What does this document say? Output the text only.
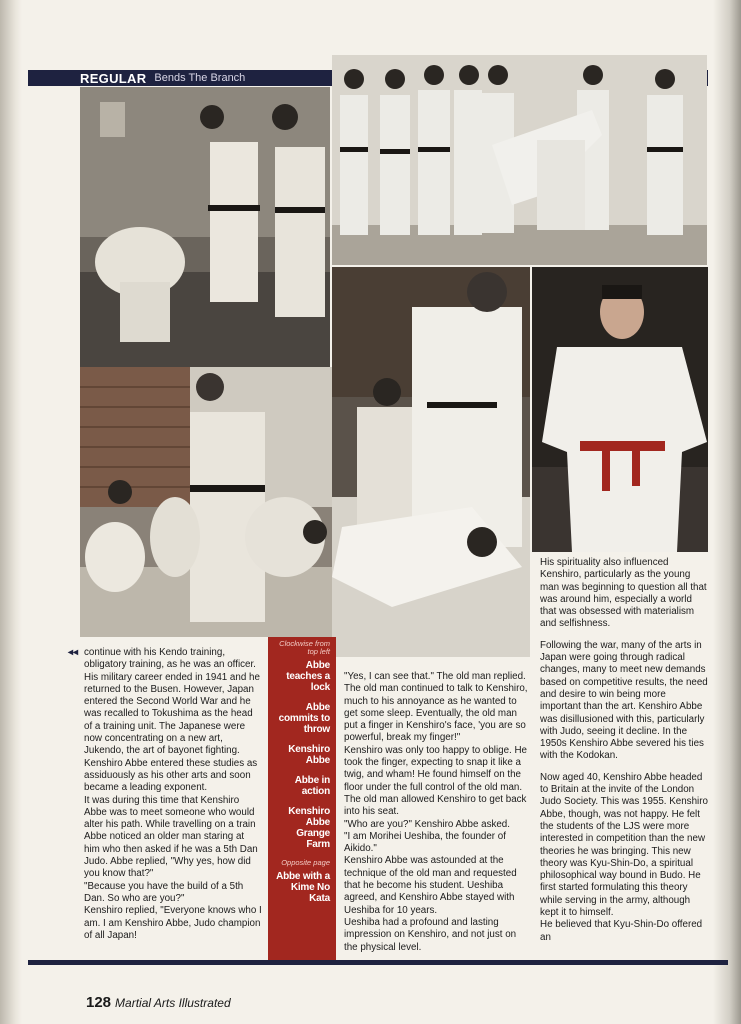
REGULAR Bends The Branch
◂◂ continue with his Kendo training, obligatory training, as he was an officer.

His military career ended in 1941 and he returned to the Busen. However, Japan entered the Second World War and he was recalled to Tokushima as the head of a training unit. The Japanese were now concentrating on a new art, Jukendo, the art of bayonet fighting. Kenshiro Abbe entered these studies as assiduously as his other arts and soon became a leading exponent.

It was during this time that Kenshiro Abbe was to meet someone who would alter his path. While travelling on a train Abbe noticed an older man staring at him who then asked if he was a 5th Dan Judo. Abbe replied, "Why yes, how did you know that?"

"Because you have the build of a 5th Dan. So who are you?"

Kenshiro replied, "Everyone knows who I am. I am Kenshiro Abbe, Judo champion of all Japan!

Clockwise from top left
Abbe teaches a lock
Abbe commits to throw
Kenshiro Abbe
Abbe in action
Kenshiro Abbe Grange Farm
Opposite page
Abbe with a Kime No Kata

"Yes, I can see that." The old man replied.

The old man continued to talk to Kenshiro, much to his annoyance as he wanted to get some sleep. Eventually, the old man put a finger in Kenshiro's face, 'you are so powerful, break my finger!"

Kenshiro was only too happy to oblige. He took the finger, expecting to snap it like a twig, and wham! He found himself on the floor under the full control of the old man.

The old man allowed Kenshiro to get back into his seat.

"Who are you?" Kenshiro Abbe asked.

"I am Morihei Ueshiba, the founder of Aikido."

Kenshiro Abbe was astounded at the technique of the old man and requested that he become his student. Ueshiba agreed, and Kenshiro Abbe stayed with Ueshiba for 10 years.

Ueshiba had a profound and lasting impression on Kenshiro, and not just on the physical level.

His spirituality also influenced Kenshiro, particularly as the young man was beginning to question all that was around him, especially a world that was obsessed with materialism and selfishness.

Following the war, many of the arts in Japan were going through radical changes, many to meet new demands based on competitive results, the need and desire to win being more important than the art. Kenshiro Abbe was disillusioned with this, particularly with Judo, seeing it decline. In the 1950s Kenshiro Abbe severed his ties with the Kodokan.

Now aged 40, Kenshiro Abbe headed to Britain at the invite of the London Judo Society. This was 1955. Kenshiro Abbe, though, was not happy. He felt the students of the LJS were more interested in competition than the new theories he was bringing. This new theory was Kyu-Shin-Do, a spiritual philosophical way bound in Budo. He first started formulating this theory while serving in the army, although kept it to himself.

He believed that Kyu-Shin-Do offered an

128 Martial Arts Illustrated
